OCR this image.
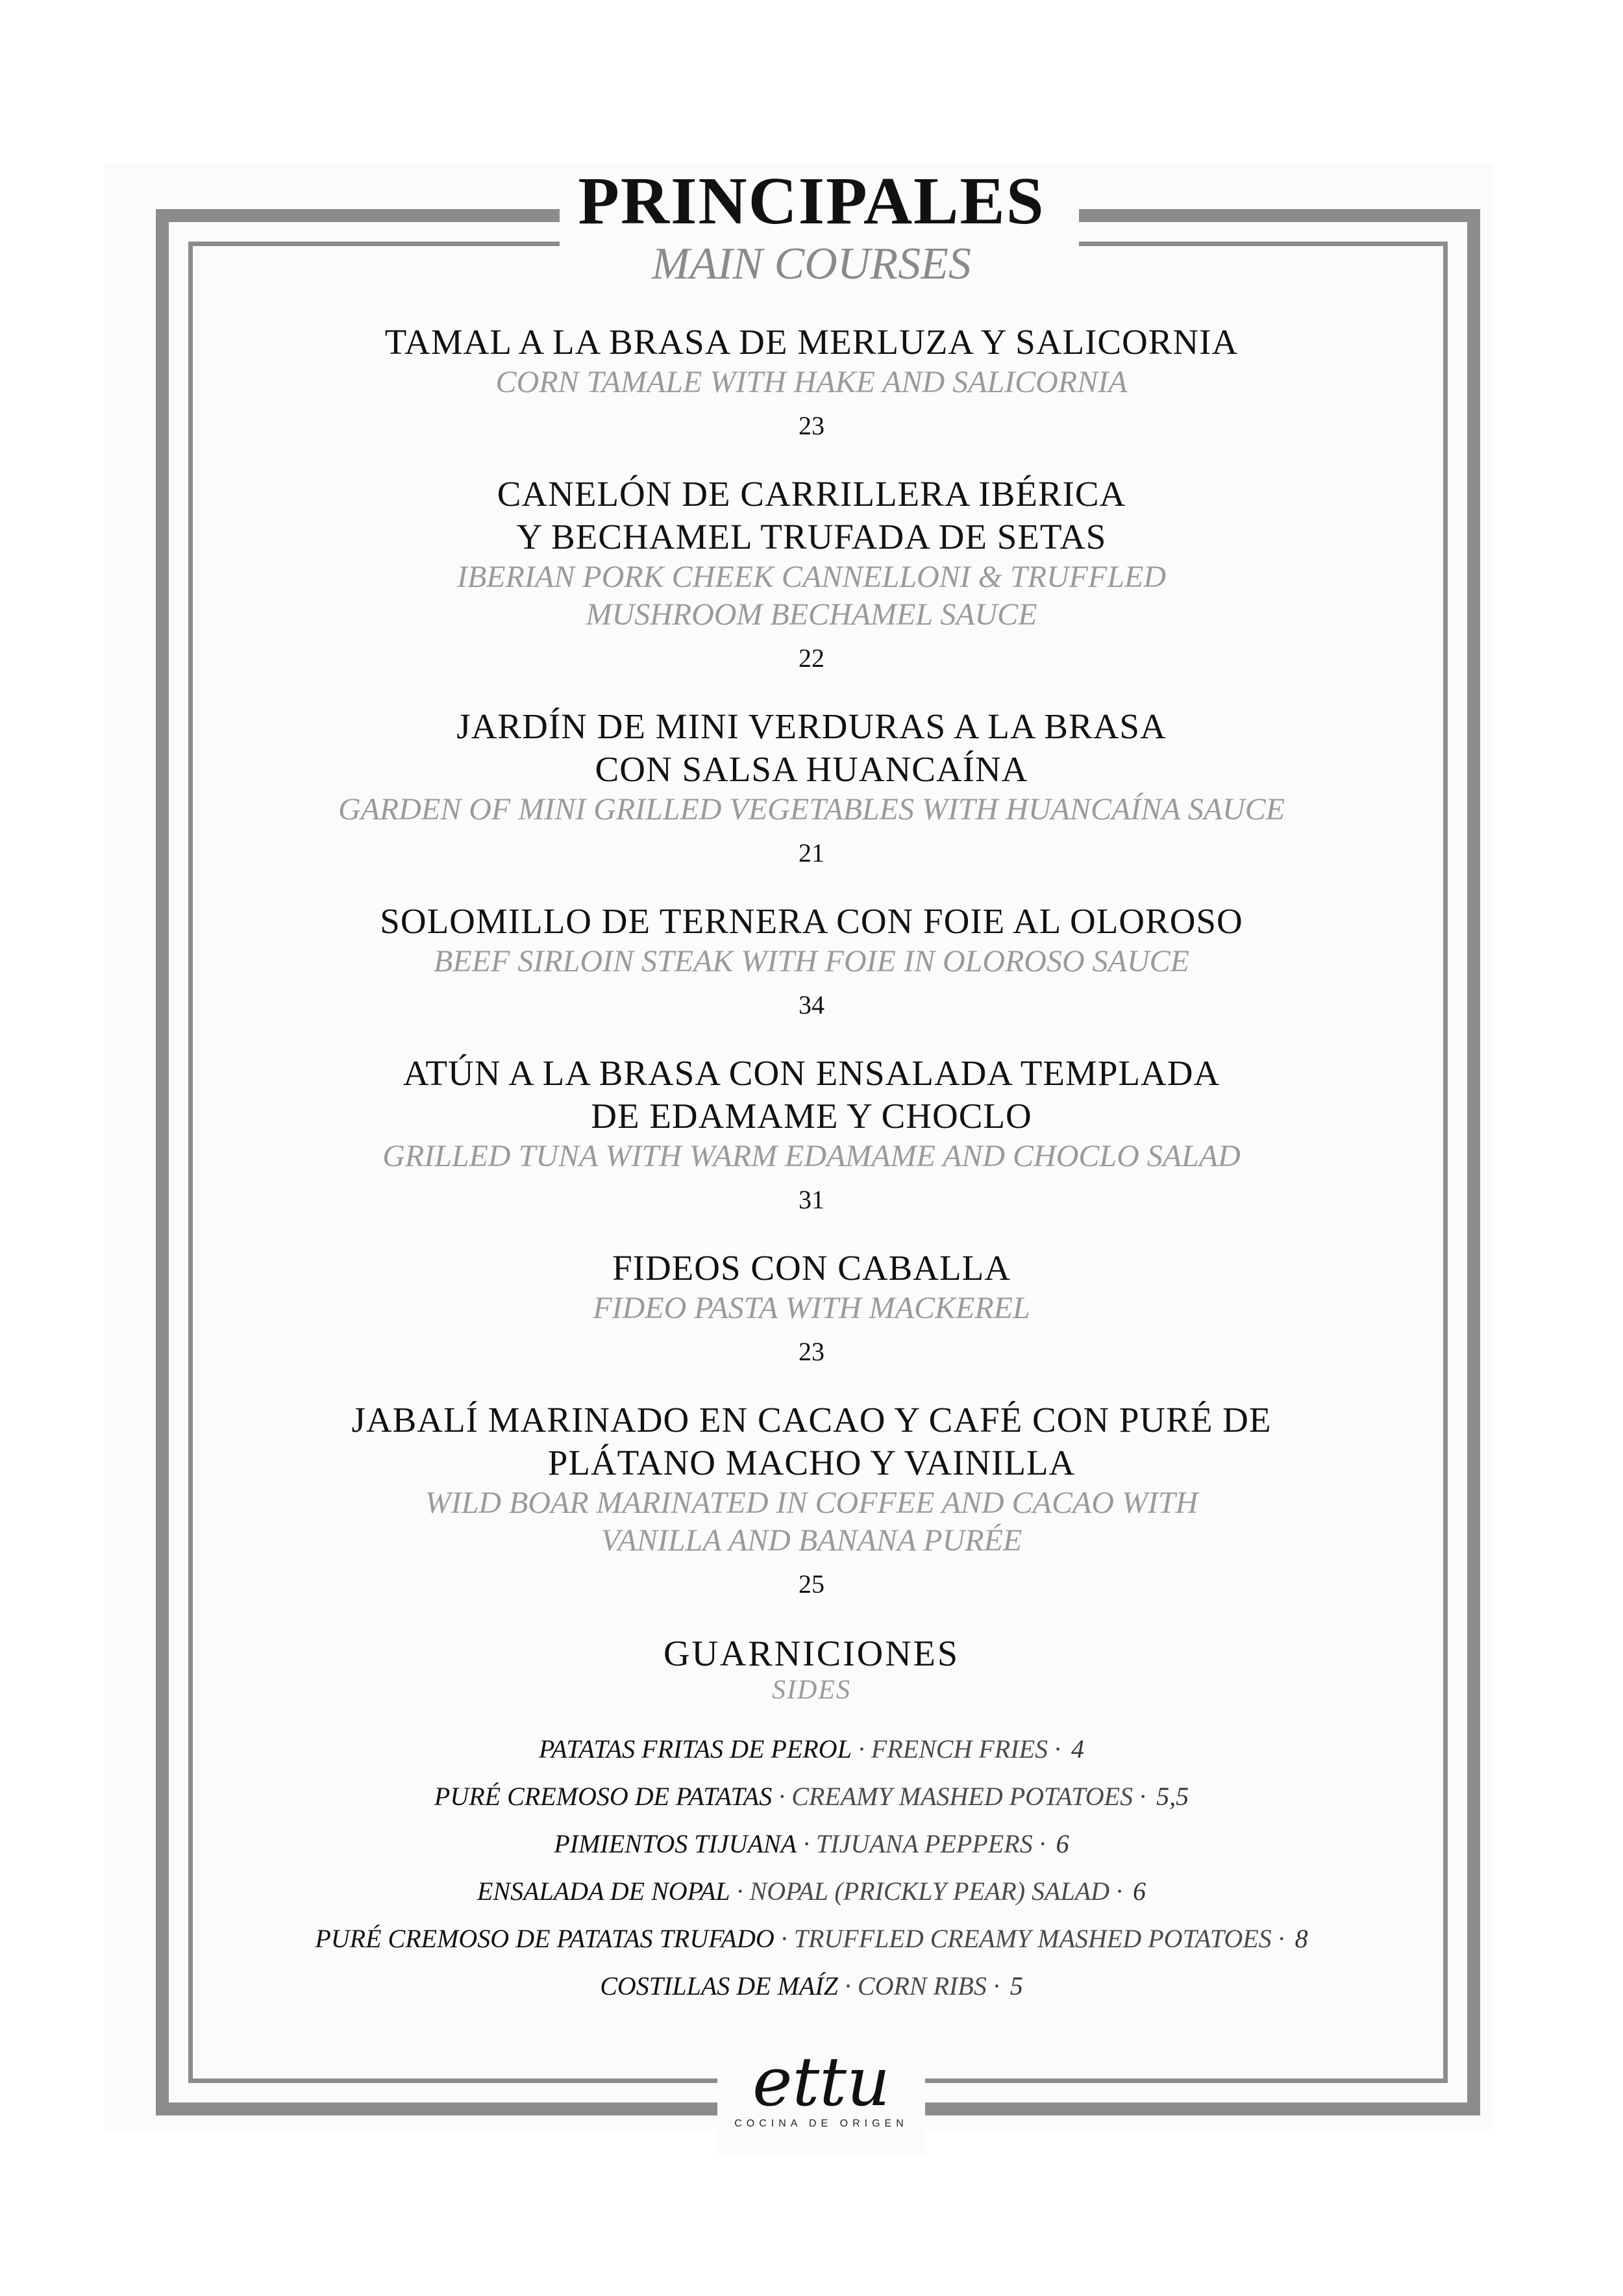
PRINCIPALES
MAIN COURSES
TAMAL A LA BRASA DE MERLUZA Y SALICORNIA
CORN TAMALE WITH HAKE AND SALICORNIA
23
CANELÓN DE CARRILLERA IBÉRICA
Y BECHAMEL TRUFADA DE SETAS
IBERIAN PORK CHEEK CANNELLONI & TRUFFLED
MUSHROOM BECHAMEL SAUCE
22
JARDÍN DE MINI VERDURAS A LA BRASA
CON SALSA HUANCAÍNA
GARDEN OF MINI GRILLED VEGETABLES WITH HUANCAÍNA SAUCE
21
SOLOMILLO DE TERNERA CON FOIE AL OLOROSO
BEEF SIRLOIN STEAK WITH FOIE IN OLOROSO SAUCE
34
ATÚN A LA BRASA CON ENSALADA TEMPLADA
DE EDAMAME Y CHOCLO
GRILLED TUNA WITH WARM EDAMAME AND CHOCLO SALAD
31
FIDEOS CON CABALLA
FIDEO PASTA WITH MACKEREL
23
JABALÍ MARINADO EN CACAO Y CAFÉ CON PURÉ DE
PLÁTANO MACHO Y VAINILLA
WILD BOAR MARINATED IN COFFEE AND CACAO WITH
VANILLA AND BANANA PURÉE
25
GUARNICIONES
SIDES
PATATAS FRITAS DE PEROL · FRENCH FRIES · 4
PURÉ CREMOSO DE PATATAS · CREAMY MASHED POTATOES · 5,5
PIMIENTOS TIJUANA · TIJUANA PEPPERS · 6
ENSALADA DE NOPAL · NOPAL (PRICKLY PEAR) SALAD · 6
PURÉ CREMOSO DE PATATAS TRUFADO · TRUFFLED CREAMY MASHED POTATOES · 8
COSTILLAS DE MAÍZ · CORN RIBS · 5
ettu
COCINA DE ORIGEN
